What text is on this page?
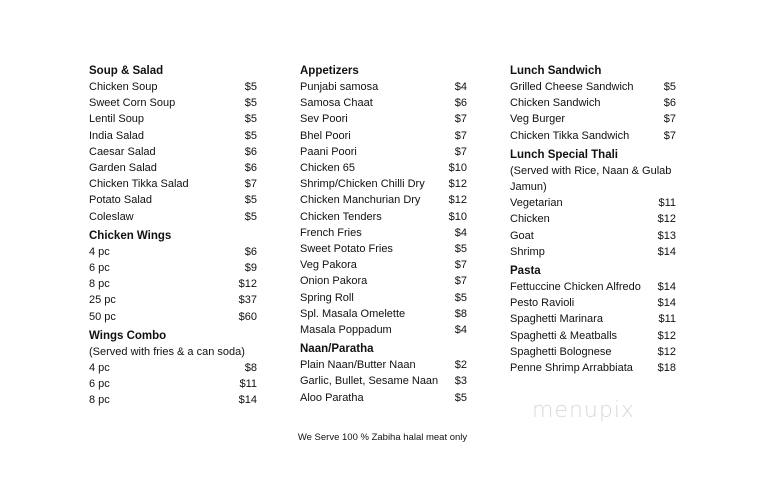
Soup & Salad
Chicken Soup	$5
Sweet Corn Soup	$5
Lentil Soup	$5
India Salad	$5
Caesar Salad	$6
Garden Salad	$6
Chicken Tikka Salad	$7
Potato Salad	$5
Coleslaw	$5
Chicken Wings
4 pc	$6
6 pc	$9
8 pc	$12
25 pc	$37
50 pc	$60
Wings Combo
(Served with fries & a can soda)
4 pc	$8
6 pc	$11
8 pc	$14
Appetizers
Punjabi samosa	$4
Samosa Chaat	$6
Sev Poori	$7
Bhel Poori	$7
Paani Poori	$7
Chicken 65	$10
Shrimp/Chicken Chilli Dry $12
Chicken Manchurian Dry	$12
Chicken Tenders	$10
French Fries	$4
Sweet Potato Fries	$5
Veg Pakora	$7
Onion Pakora	$7
Spring Roll	$5
Spl. Masala Omelette	$8
Masala Poppadum	$4
Naan/Paratha
Plain Naan/Butter Naan	$2
Garlic, Bullet, Sesame Naan $3
Aloo Paratha	$5
Lunch Sandwich
Grilled Cheese Sandwich	$5
Chicken Sandwich	$6
Veg Burger	$7
Chicken Tikka Sandwich	$7
Lunch Special Thali
(Served with Rice, Naan & Gulab Jamun)
Vegetarian	$11
Chicken	$12
Goat	$13
Shrimp	$14
Pasta
Fettuccine Chicken Alfredo $14
Pesto Ravioli	$14
Spaghetti Marinara	$11
Spaghetti & Meatballs	$12
Spaghetti Bolognese	$12
Penne Shrimp Arrabbiata $18
We Serve 100 % Zabiha halal meat only
menupix
